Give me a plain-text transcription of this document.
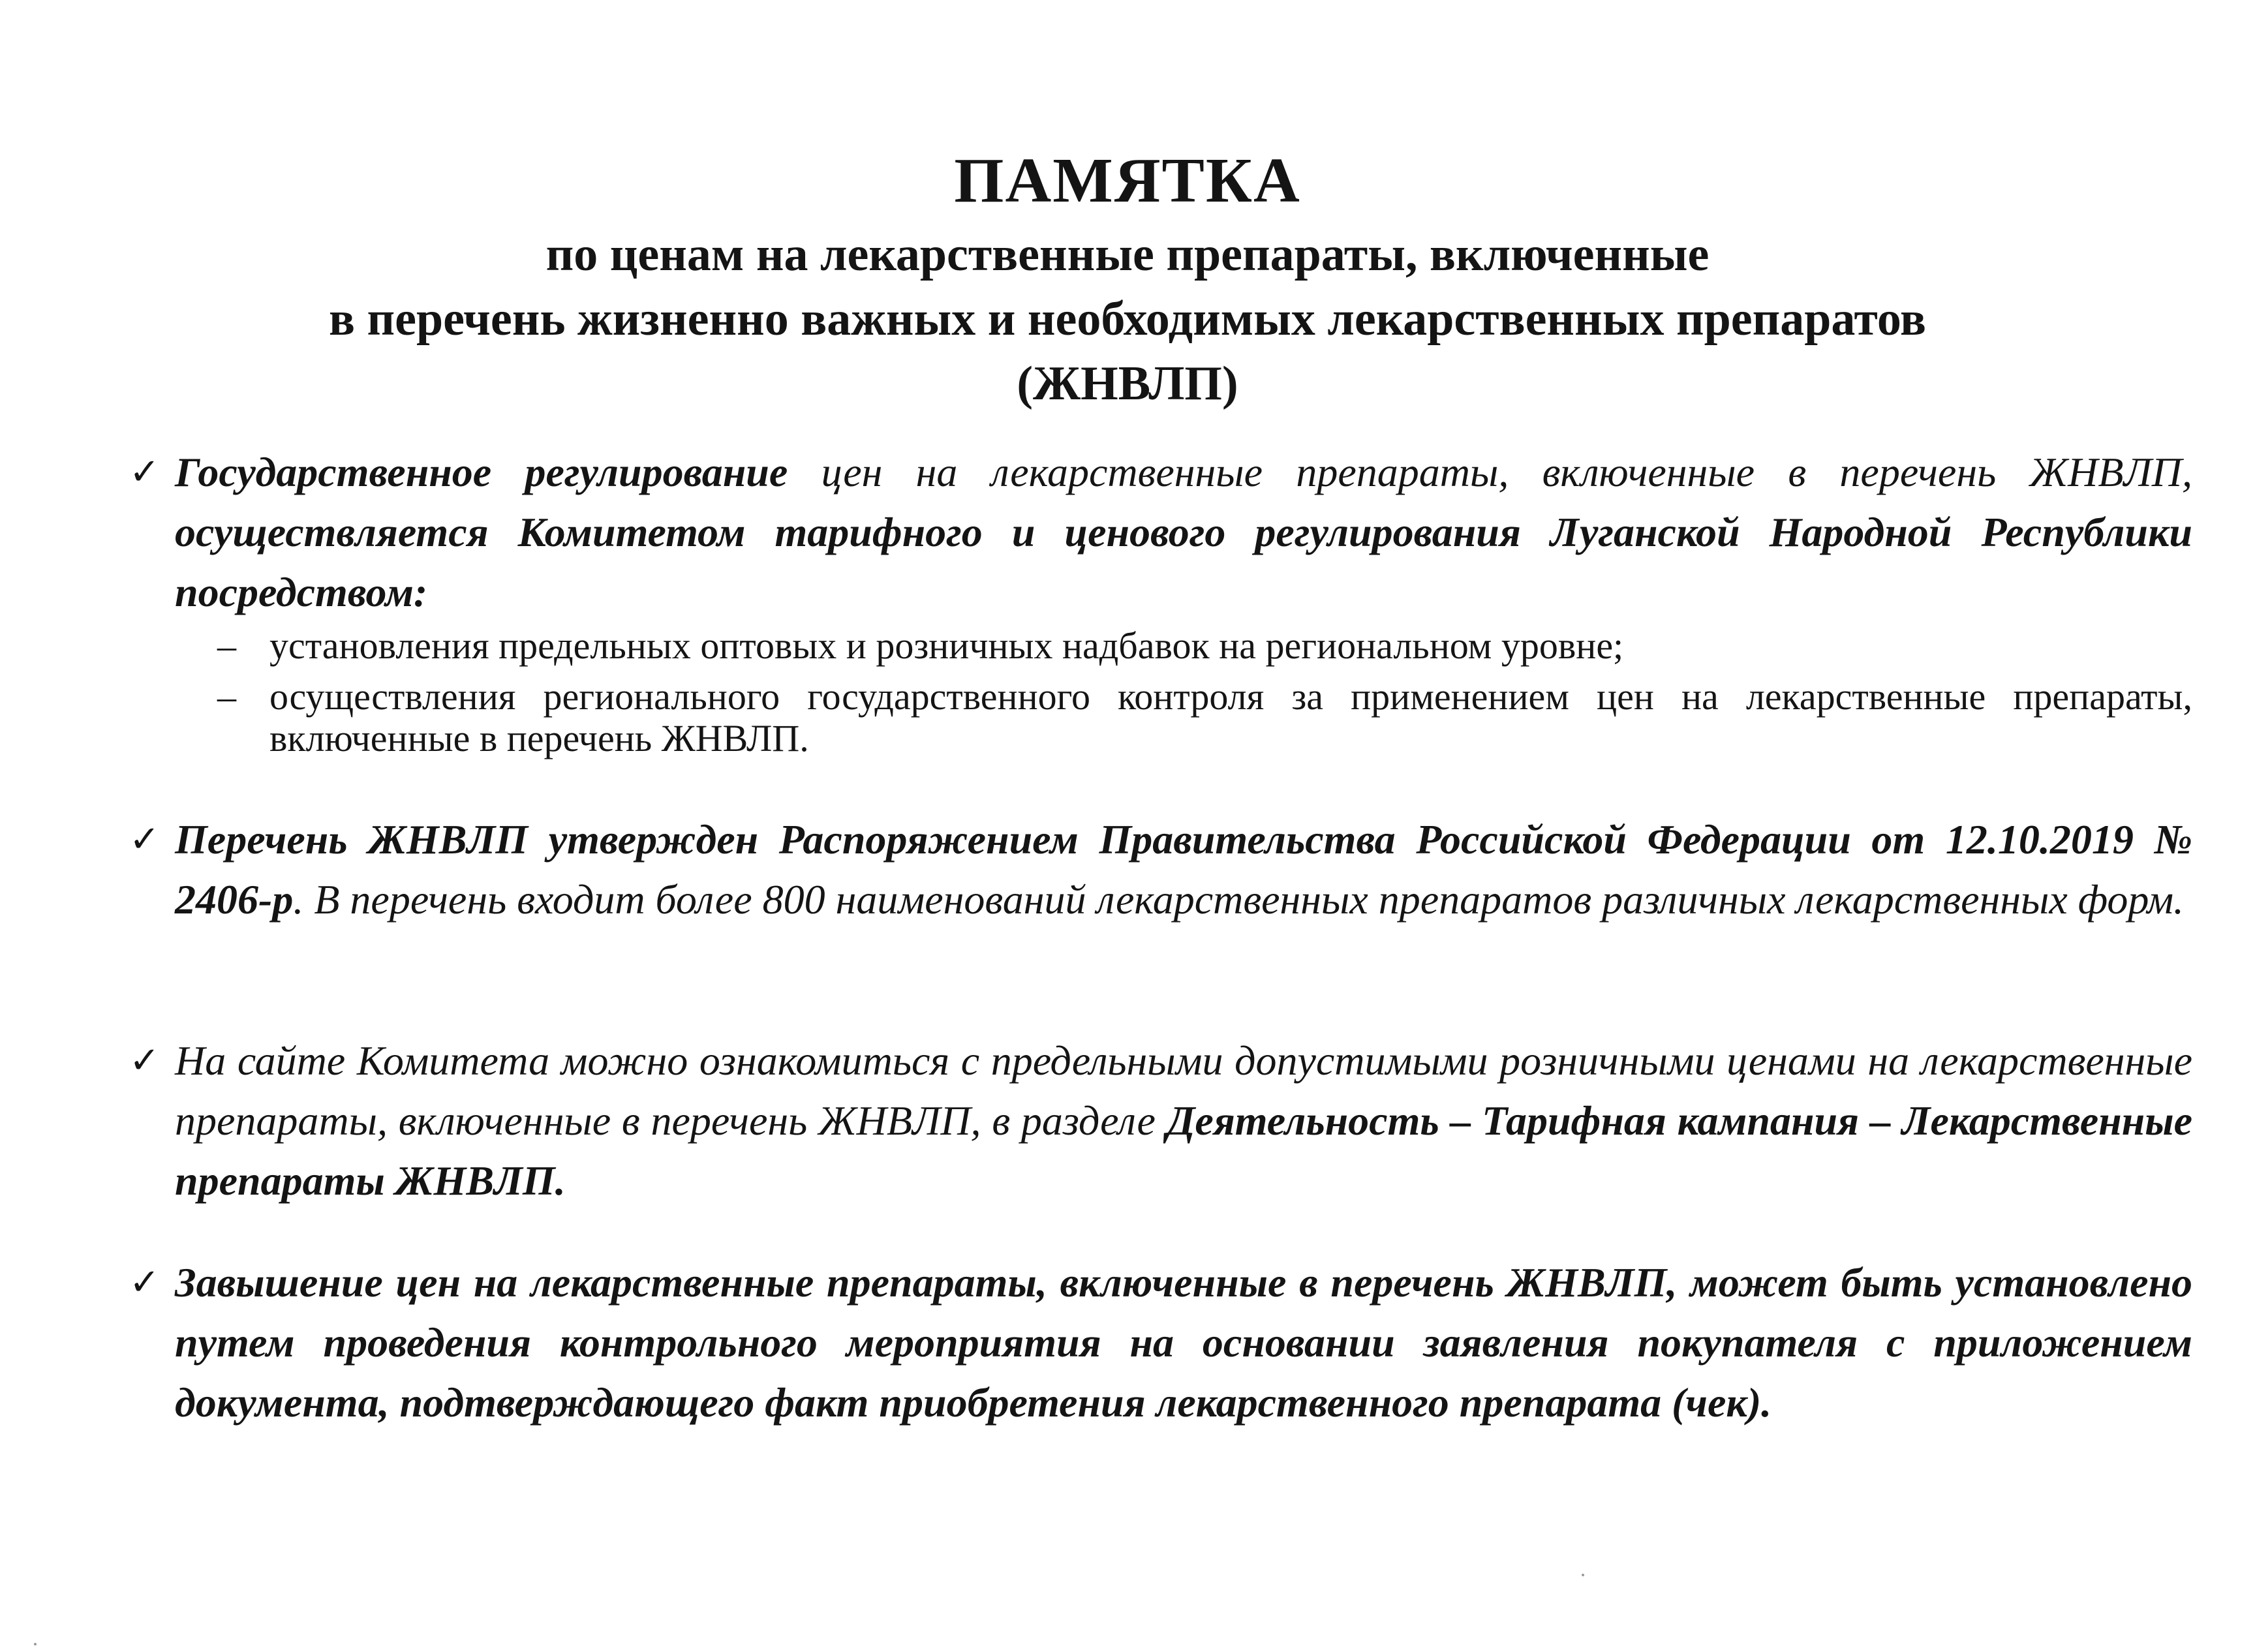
ПАМЯТКА
по ценам на лекарственные препараты, включенные
в перечень жизненно важных и необходимых лекарственных препаратов
(ЖНВЛП)
✓ Государственное регулирование цен на лекарственные препараты, включенные в перечень ЖНВЛП, осуществляется Комитетом тарифного и ценового регулирования Луганской Народной Республики посредством:
– установления предельных оптовых и розничных надбавок на региональном уровне;
– осуществления регионального государственного контроля за применением цен на лекарственные препараты, включенные в перечень ЖНВЛП.
✓ Перечень ЖНВЛП утвержден Распоряжением Правительства Российской Федерации от 12.10.2019 № 2406-р. В перечень входит более 800 наименований лекарственных препаратов различных лекарственных форм.
✓ На сайте Комитета можно ознакомиться с предельными допустимыми розничными ценами на лекарственные препараты, включенные в перечень ЖНВЛП, в разделе Деятельность – Тарифная кампания – Лекарственные препараты ЖНВЛП.
✓ Завышение цен на лекарственные препараты, включенные в перечень ЖНВЛП, может быть установлено путем проведения контрольного мероприятия на основании заявления покупателя с приложением документа, подтверждающего факт приобретения лекарственного препарата (чек).
